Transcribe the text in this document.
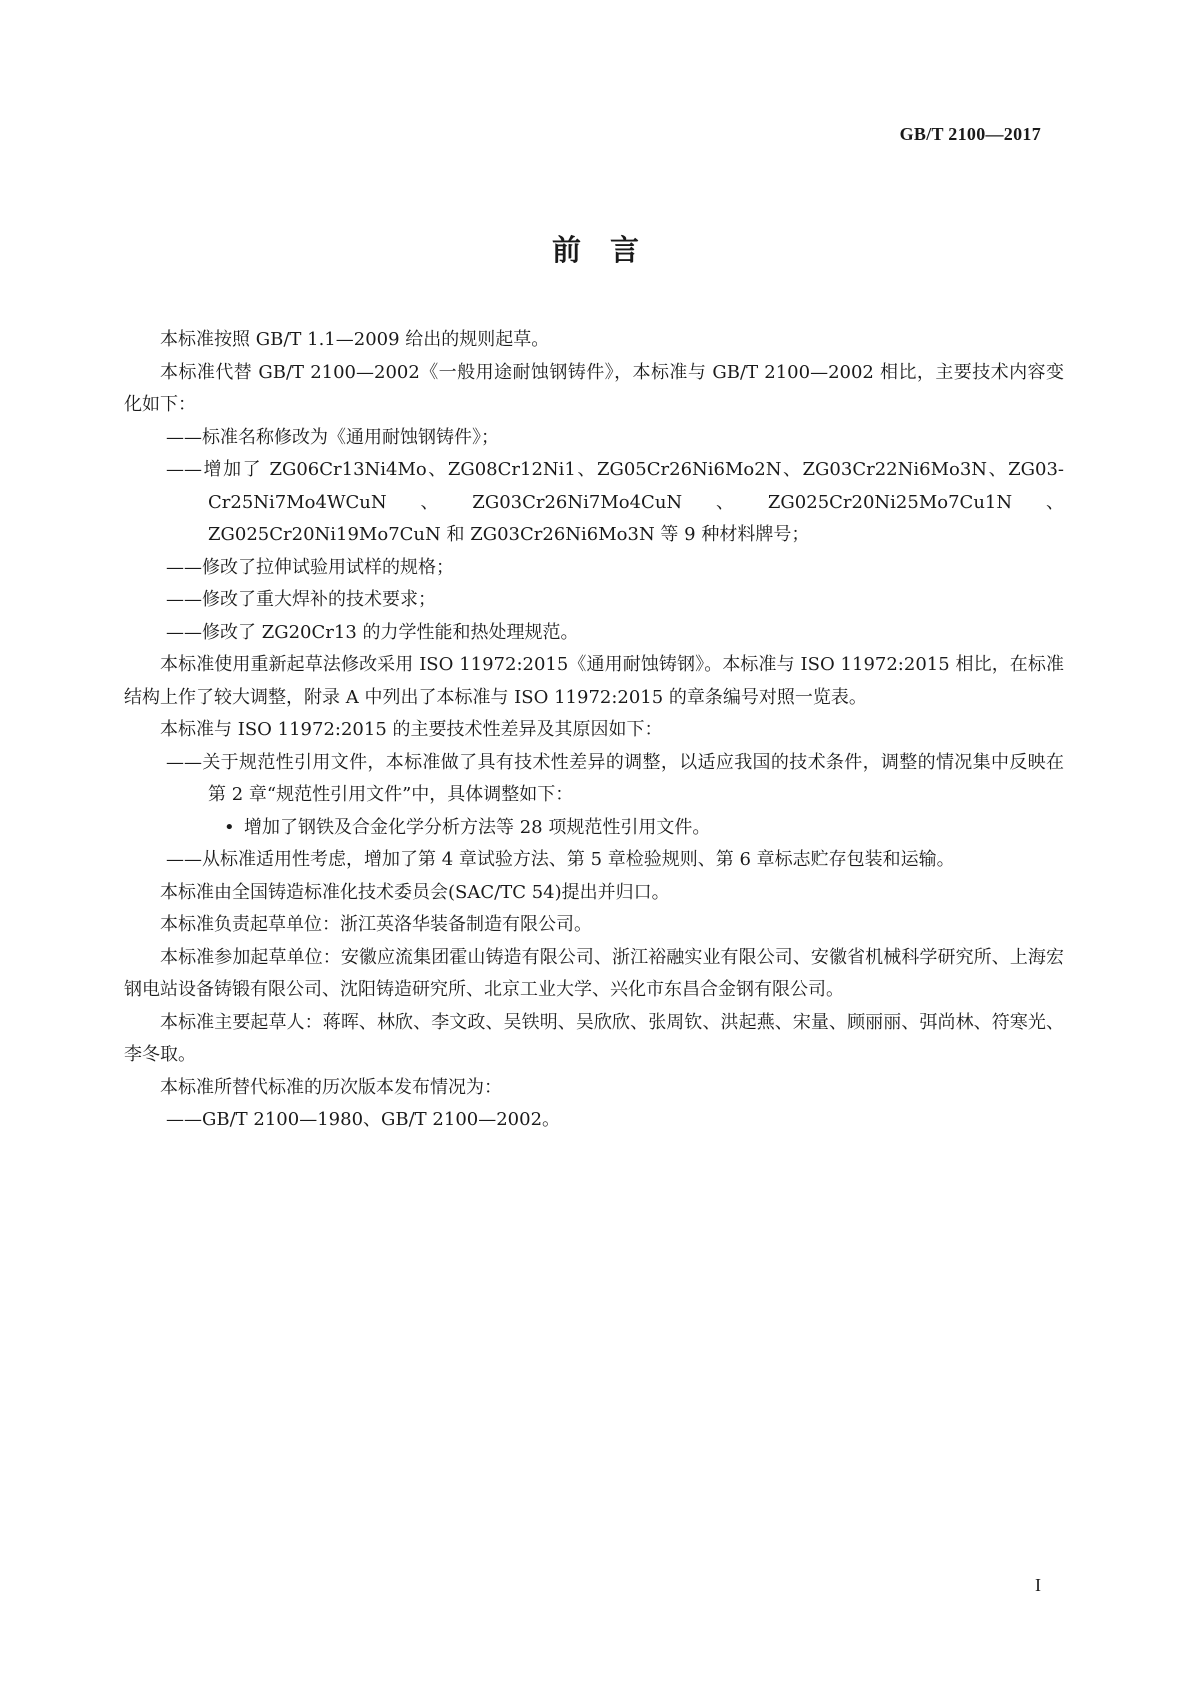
GB/T 2100—2017
前　言

本标准按照 GB/T 1.1—2009 给出的规则起草。

本标准代替 GB/T 2100—2002《一般用途耐蚀钢铸件》，本标准与 GB/T 2100—2002 相比，主要技术内容变化如下：

——标准名称修改为《通用耐蚀钢铸件》；

——增加了 ZG06Cr13Ni4Mo、ZG08Cr12Ni1、ZG05Cr26Ni6Mo2N、ZG03Cr22Ni6Mo3N、ZG03-Cr25Ni7Mo4WCuN、ZG03Cr26Ni7Mo4CuN、ZG025Cr20Ni25Mo7Cu1N、ZG025Cr20Ni19Mo7CuN 和 ZG03Cr26Ni6Mo3N 等 9 种材料牌号；

——修改了拉伸试验用试样的规格；

——修改了重大焊补的技术要求；

——修改了 ZG20Cr13 的力学性能和热处理规范。

本标准使用重新起草法修改采用 ISO 11972:2015《通用耐蚀铸钢》。本标准与 ISO 11972:2015 相比，在标准结构上作了较大调整，附录 A 中列出了本标准与 ISO 11972:2015 的章条编号对照一览表。

本标准与 ISO 11972:2015 的主要技术性差异及其原因如下：

——关于规范性引用文件，本标准做了具有技术性差异的调整，以适应我国的技术条件，调整的情况集中反映在第 2 章“规范性引用文件”中，具体调整如下：

• 增加了钢铁及合金化学分析方法等 28 项规范性引用文件。

——从标准适用性考虑，增加了第 4 章试验方法、第 5 章检验规则、第 6 章标志贮存包装和运输。

本标准由全国铸造标准化技术委员会(SAC/TC 54)提出并归口。

本标准负责起草单位：浙江英洛华装备制造有限公司。

本标准参加起草单位：安徽应流集团霍山铸造有限公司、浙江裕融实业有限公司、安徽省机械科学研究所、上海宏钢电站设备铸锻有限公司、沈阳铸造研究所、北京工业大学、兴化市东昌合金钢有限公司。

本标准主要起草人：蒋晖、林欣、李文政、吴铁明、吴欣欣、张周钦、洪起燕、宋量、顾丽丽、弭尚林、符寒光、李冬取。

本标准所替代标准的历次版本发布情况为：

——GB/T 2100—1980、GB/T 2100—2002。

I
